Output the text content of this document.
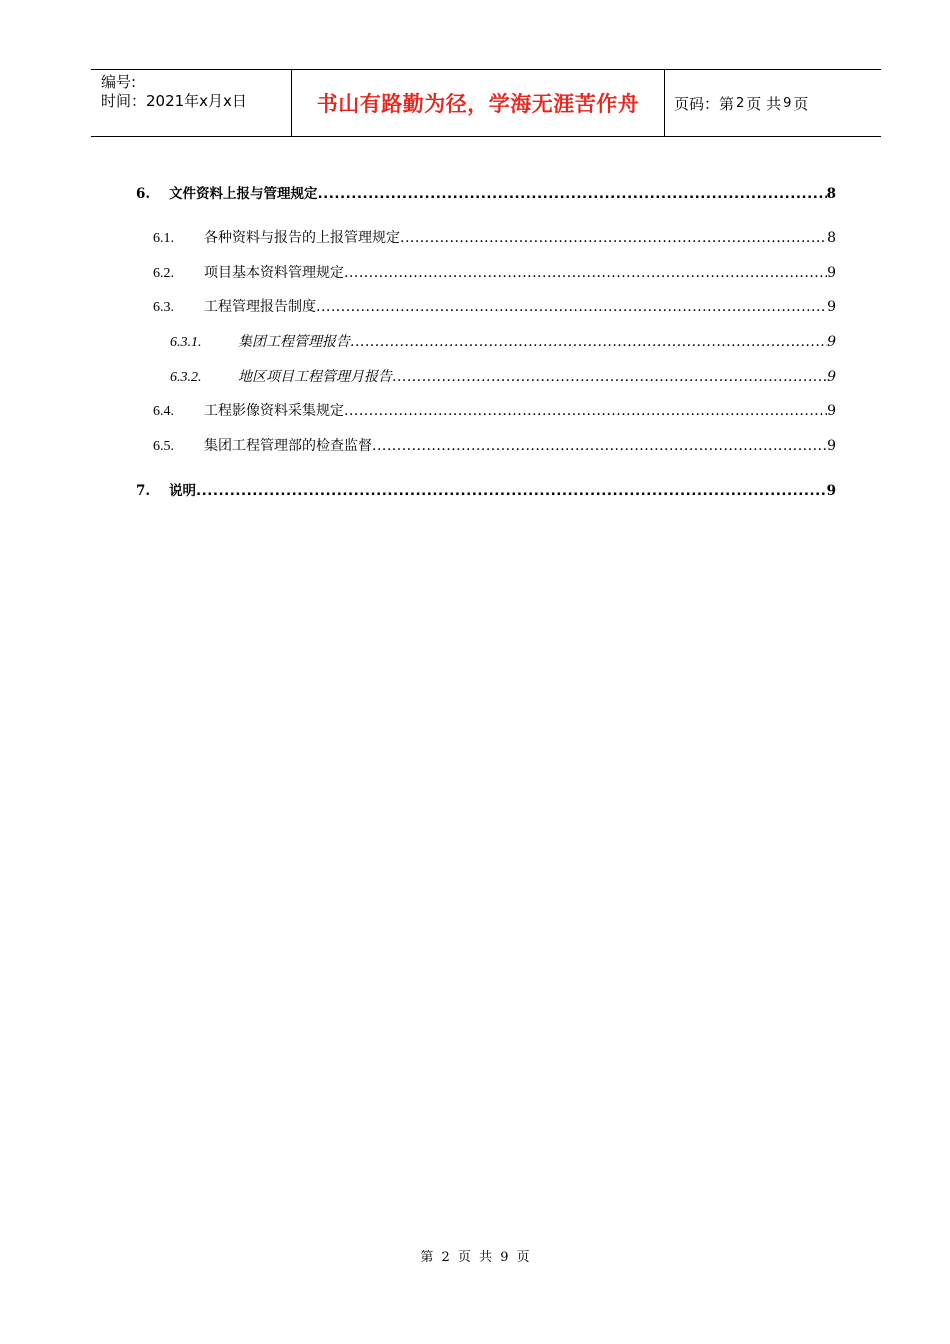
编号:
时间：2021年x月x日	书山有路勤为径，学海无涯苦作舟	页码：第 2 页 共 9 页
6.	文件资料上报与管理规定 .....	8
6.1.	各种资料与报告的上报管理规定 .....	8
6.2.	项目基本资料管理规定 .....	9
6.3.	工程管理报告制度 .....	9
6.3.1.	集团工程管理报告 .....	9
6.3.2.	地区项目工程管理月报告 .....	9
6.4.	工程影像资料采集规定 .....	9
6.5.	集团工程管理部的检查监督 .....	9
7.	说明 .....	9
第 2 页 共 9 页
